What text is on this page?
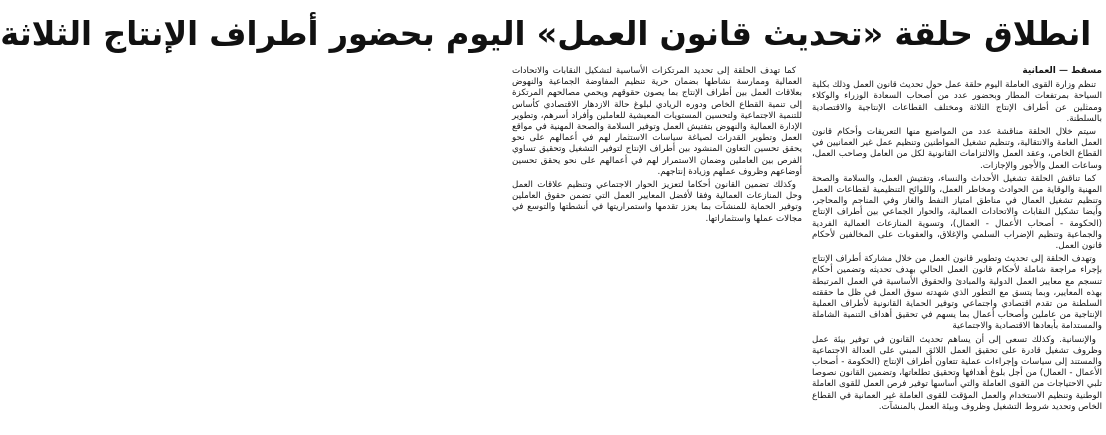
انطلاق حلقة «تحديث قانون العمل» اليوم بحضور أطراف الإنتاج الثلاثة
مسقط — العمانية

تنظم وزارة القوى العاملة اليوم حلقة عمل حول تحديث قانون العمل وذلك بكلية السياحة بمرتفعات المطار وبحضور عدد من أصحاب السعادة الوزراء والوكلاء وممثلين عن أطراف الإنتاج الثلاثة ومختلف القطاعات الإنتاجية والاقتصادية بالسلطنة.

سيتم خلال الحلقة مناقشة عدد من المواضيع منها التعريفات وأحكام قانون العمل العامة والانتقالية، وتنظيم تشغيل المواطنين وتنظيم عمل غير العمانيين في القطاع الخاص، وعقد العمل والالتزامات القانونية لكل من العامل وصاحب العمل، وساعات العمل والأجور والإجازات.

كما تناقش الحلقة تشغيل الأحداث والنساء، وتفتيش العمل، والسلامة والصحة المهنية والوقاية من الحوادث ومخاطر العمل، واللوائح التنظيمية لقطاعات العمل وتنظيم تشغيل العمال في مناطق امتياز النفط والغاز وفي المناجم والمحاجر، وأيضا تشكيل النقابات والاتحادات العمالية، والحوار الجماعي بين أطراف الإنتاج (الحكومة - أصحاب الأعمال - العمال)، وتسوية المنازعات العمالية الفردية والجماعية وتنظيم الإضراب السلمي والإغلاق، والعقوبات على المخالفين لأحكام قانون العمل.

وتهدف الحلقة إلى تحديث وتطوير قانون العمل من خلال مشاركة أطراف الإنتاج بإجراء مراجعة شاملة لأحكام قانون العمل الحالي بهدف تحديثه وتضمين أحكام تنسجم مع معايير العمل الدولية والمبادئ والحقوق الأساسية في العمل المرتبطة بهذه المعايير، وبما يتسق مع التطور الذي شهدته سوق العمل في ظل ما حققته السلطنة من تقدم اقتصادي واجتماعي وتوفير الحماية القانونية لأطراف العملية الإنتاجية من عاملين وأصحاب أعمال بما يسهم في تحقيق أهداف التنمية الشاملة والمستدامة بأبعادها الاقتصادية والاجتماعية

والإنسانية. وكذلك تسعى إلى أن يساهم تحديث القانون في توفير بيئة عمل وظروف تشغيل قادرة على تحقيق العمل اللائق المبني على العدالة الاجتماعية والمستند إلى سياسات وإجراءات عملية تتعاون أطراف الإنتاج (الحكومة - أصحاب الأعمال - العمال) من أجل بلوغ أهدافها وتحقيق تطلعاتها، وتضمين القانون نصوصا تلبي الاحتياجات من القوى العاملة والتي أساسها توفير فرص العمل للقوى العاملة الوطنية وتنظيم الاستخدام والعمل المؤقت للقوى العاملة غير العمانية في القطاع الخاص وتحديد شروط التشغيل وظروف وبيئة العمل بالمنشآت.

كما تهدف الحلقة إلى تحديد المرتكزات الأساسية لتشكيل النقابات والاتحادات العمالية وممارسة نشاطها بضمان حرية تنظيم المفاوضة الجماعية والنهوض بعلاقات العمل بين أطراف الإنتاج بما يصون حقوقهم ويحمي مصالحهم المرتكزة إلى تنمية القطاع الخاص ودوره الريادي لبلوغ حالة الازدهار الاقتصادي كأساس للتنمية الاجتماعية ولتحسين المستويات المعيشية للعاملين وأفراد أسرهم، وتطوير الإدارة العمالية والنهوض بتفتيش العمل وتوفير السلامة والصحة المهنية في مواقع العمل وتطوير القدرات لصياغة سياسات الاستثمار لهم في أعمالهم على نحو يحقق تحسين التعاون المنشود بين أطراف الإنتاج لتوفير التشغيل وتحقيق تساوي الفرص بين العاملين وضمان الاستمرار لهم في أعمالهم على نحو يحقق تحسين أوضاعهم وظروف عملهم وزيادة إنتاجهم.

وكذلك تضمين القانون أحكاما لتعزيز الحوار الاجتماعي وتنظيم علاقات العمل وحل المنازعات العمالية وفقا لأفضل المعايير العمل التي تضمن حقوق العاملين وتوفير الحماية للمنشآت بما يعزز تقدمها واستمراريتها في أنشطتها والتوسع في مجالات عملها واستثماراتها.
